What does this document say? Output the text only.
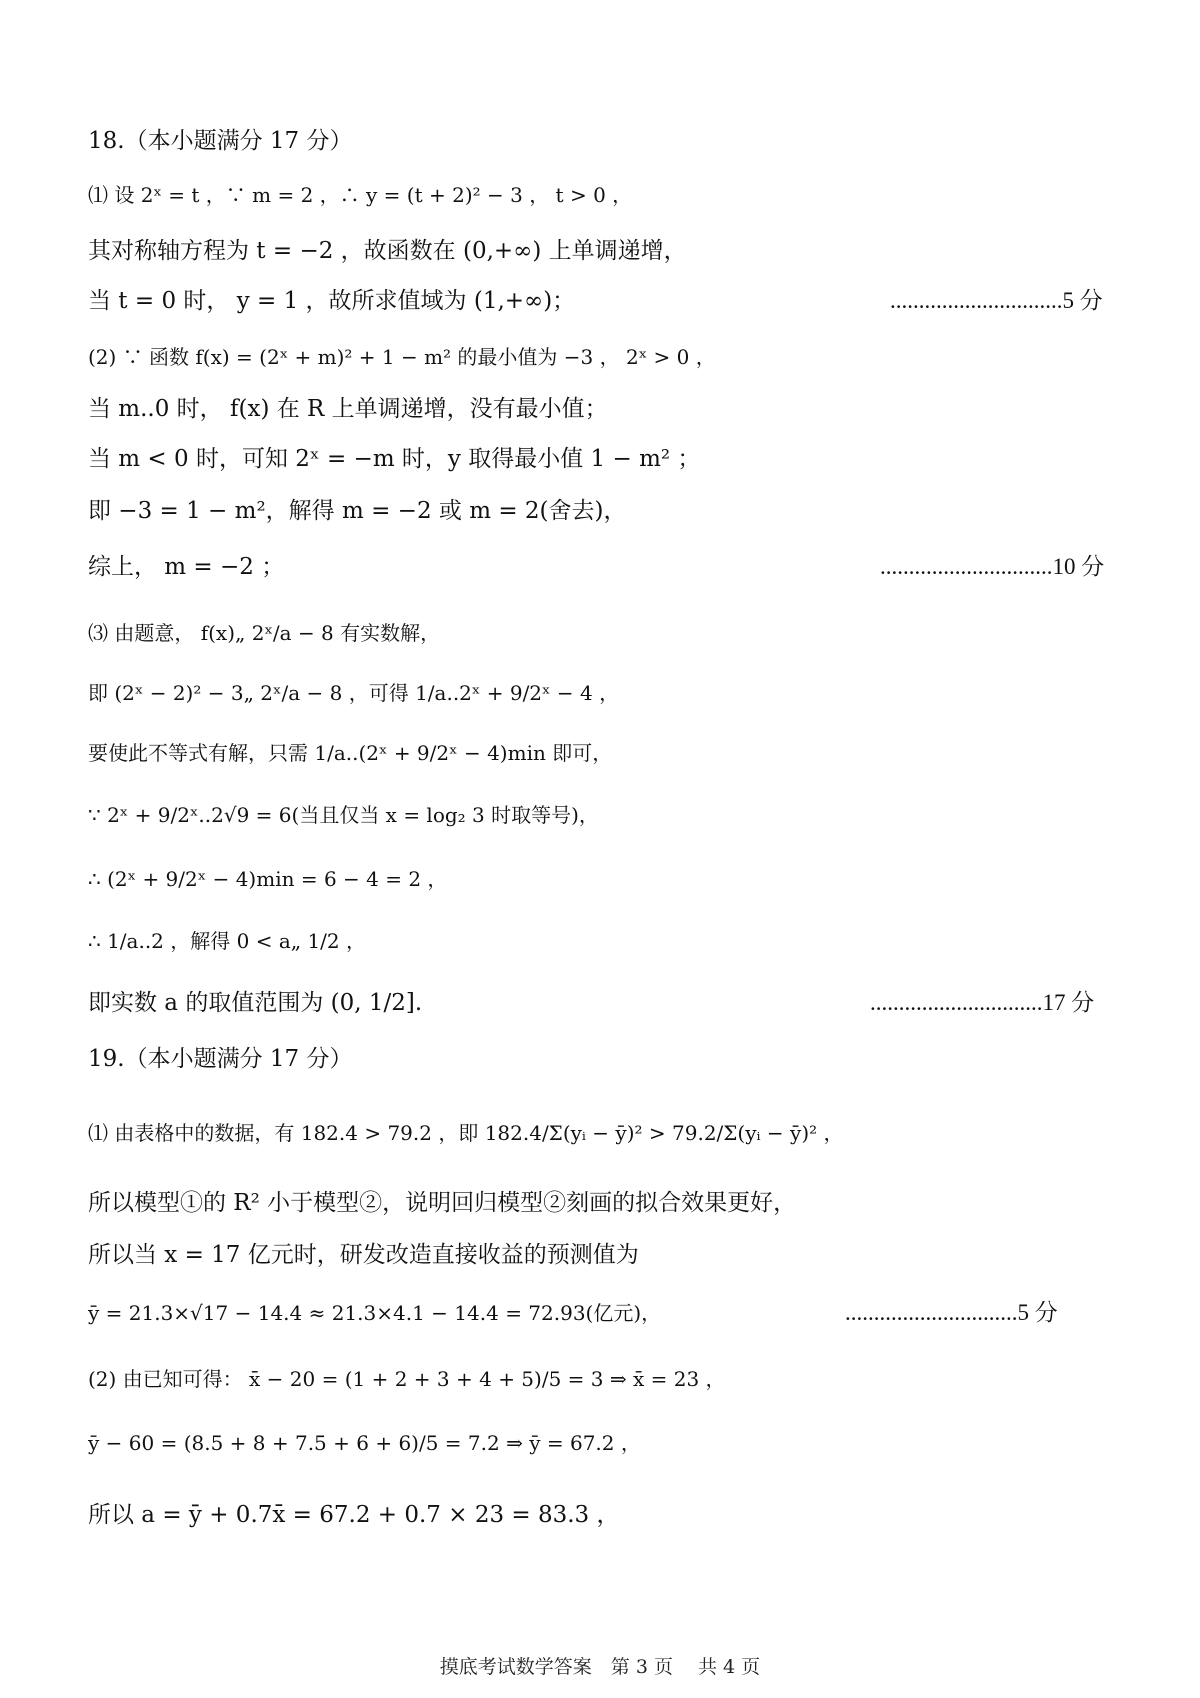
18.（本小题满分 17 分）
⑴ 设 2ˣ = t ，∵ m = 2 ，∴ y = (t + 2)² − 3 ， t > 0 ，
其对称轴方程为 t = −2 ，故函数在 (0,+∞) 上单调递增，
当 t = 0 时， y = 1 ，故所求值域为 (1,+∞)；	..............................5 分
(2) ∵ 函数 f(x) = (2ˣ + m)² + 1 − m² 的最小值为 −3 ， 2ˣ > 0 ，
当 m..0 时， f(x) 在 R 上单调递增，没有最小值；
当 m < 0 时，可知 2ˣ = −m 时，y 取得最小值 1 − m² ；
即 −3 = 1 − m²，解得 m = −2 或 m = 2(舍去)，
综上， m = −2 ；	..............................10 分
⑶ 由题意， f(x)„ 2ˣ/a − 8 有实数解，
即 (2ˣ − 2)² − 3„ 2ˣ/a − 8 ，可得 1/a..2ˣ + 9/2ˣ − 4 ，
要使此不等式有解，只需 1/a..(2ˣ + 9/2ˣ − 4)min 即可，
∵ 2ˣ + 9/2ˣ..2√9 = 6(当且仅当 x = log₂ 3 时取等号)，
∴ (2ˣ + 9/2ˣ − 4)min = 6 − 4 = 2 ，
∴ 1/a..2 ，解得 0 < a„ 1/2 ，
即实数 a 的取值范围为 (0, 1/2].	..............................17 分
19.（本小题满分 17 分）
⑴ 由表格中的数据，有 182.4 > 79.2 ，即 182.4/Σ(yᵢ − ȳ)² > 79.2/Σ(yᵢ − ȳ)² ，
所以模型①的 R² 小于模型②，说明回归模型②刻画的拟合效果更好，
所以当 x = 17 亿元时，研发改造直接收益的预测值为
ȳ = 21.3×√17 − 14.4 ≈ 21.3×4.1 − 14.4 = 72.93(亿元)，	..............................5 分
(2) 由已知可得： x̄ − 20 = (1 + 2 + 3 + 4 + 5)/5 = 3 ⇒ x̄ = 23 ，
ȳ − 60 = (8.5 + 8 + 7.5 + 6 + 6)/5 = 7.2 ⇒ ȳ = 67.2 ，
所以 a = ȳ + 0.7x̄ = 67.2 + 0.7 × 23 = 83.3 ，
摸底考试数学答案　第 3 页　 共 4 页
